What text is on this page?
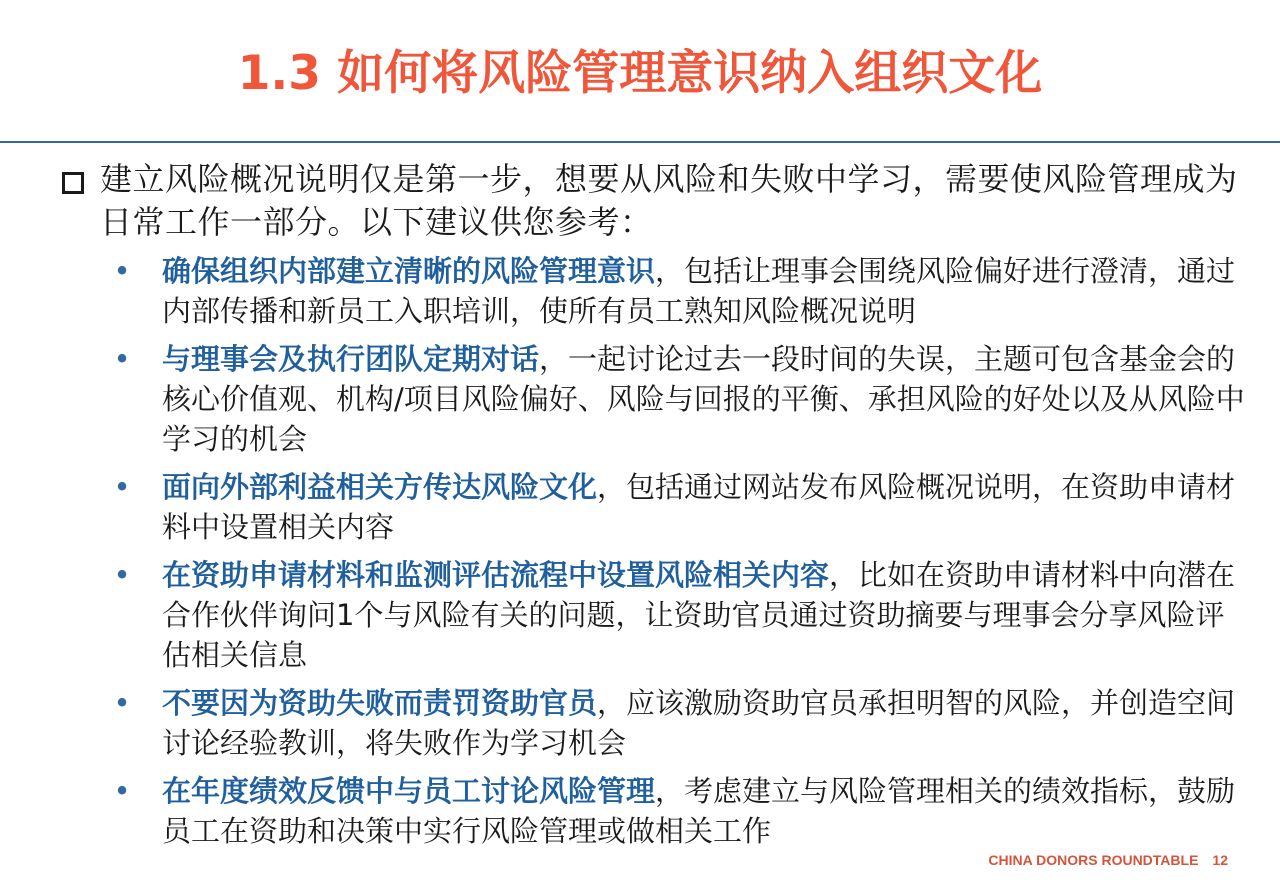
1.3 如何将风险管理意识纳入组织文化
建立风险概况说明仅是第一步，想要从风险和失败中学习，需要使风险管理成为日常工作一部分。以下建议供您参考：
• 确保组织内部建立清晰的风险管理意识，包括让理事会围绕风险偏好进行澄清，通过内部传播和新员工入职培训，使所有员工熟知风险概况说明
• 与理事会及执行团队定期对话，一起讨论过去一段时间的失误，主题可包含基金会的核心价值观、机构/项目风险偏好、风险与回报的平衡、承担风险的好处以及从风险中学习的机会
• 面向外部利益相关方传达风险文化，包括通过网站发布风险概况说明，在资助申请材料中设置相关内容
• 在资助申请材料和监测评估流程中设置风险相关内容，比如在资助申请材料中向潜在合作伙伴询问1个与风险有关的问题，让资助官员通过资助摘要与理事会分享风险评估相关信息
• 不要因为资助失败而责罚资助官员，应该激励资助官员承担明智的风险，并创造空间讨论经验教训，将失败作为学习机会
• 在年度绩效反馈中与员工讨论风险管理，考虑建立与风险管理相关的绩效指标，鼓励员工在资助和决策中实行风险管理或做相关工作
CHINA DONORS ROUNDTABLE 12
